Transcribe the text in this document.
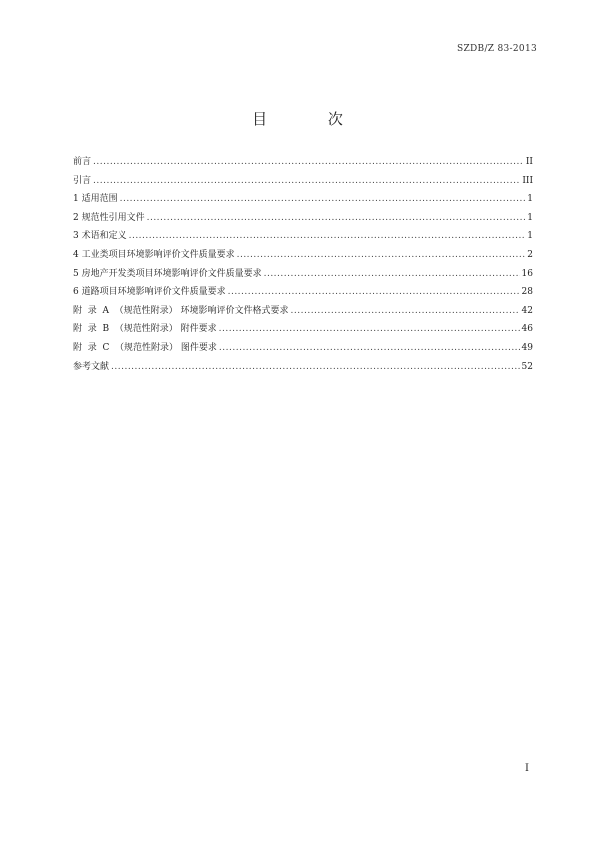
SZDB/Z 83-2013
目 次
前言 .....	II
引言 .....	III
1 适用范围 .....	1
2 规范性引用文件 .....	1
3 术语和定义 .....	1
4 工业类项目环境影响评价文件质量要求 .....	2
5 房地产开发类项目环境影响评价文件质量要求 .....	16
6 道路项目环境影响评价文件质量要求 .....	28
附  录  A  （规范性附录） 环境影响评价文件格式要求 .....	42
附  录  B  （规范性附录） 附件要求 .....	46
附  录  C  （规范性附录） 图件要求 .....	49
参考文献 .....	52
I
